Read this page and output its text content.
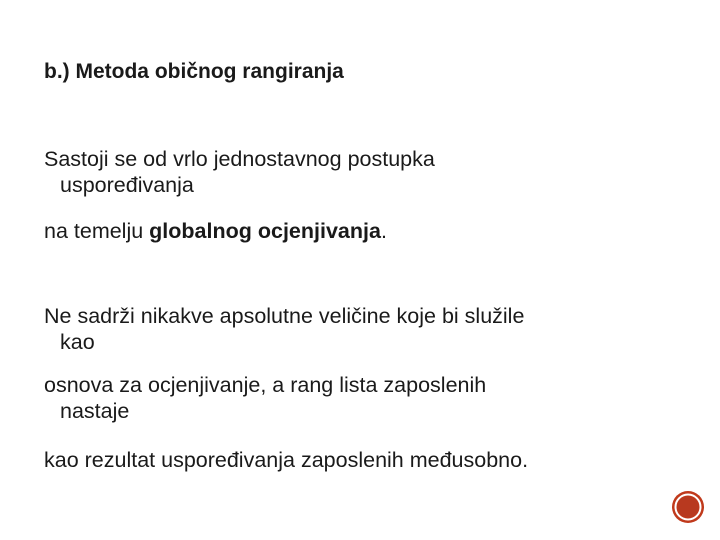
b.) Metoda običnog rangiranja
Sastoji se od vrlo jednostavnog postupka
uspoređivanja
na temelju globalnog ocjenjivanja.
Ne sadrži nikakve apsolutne veličine koje bi služile
kao
osnova za ocjenjivanje, a rang lista zaposlenih
nastaje
kao rezultat uspoređivanja zaposlenih međusobno.
